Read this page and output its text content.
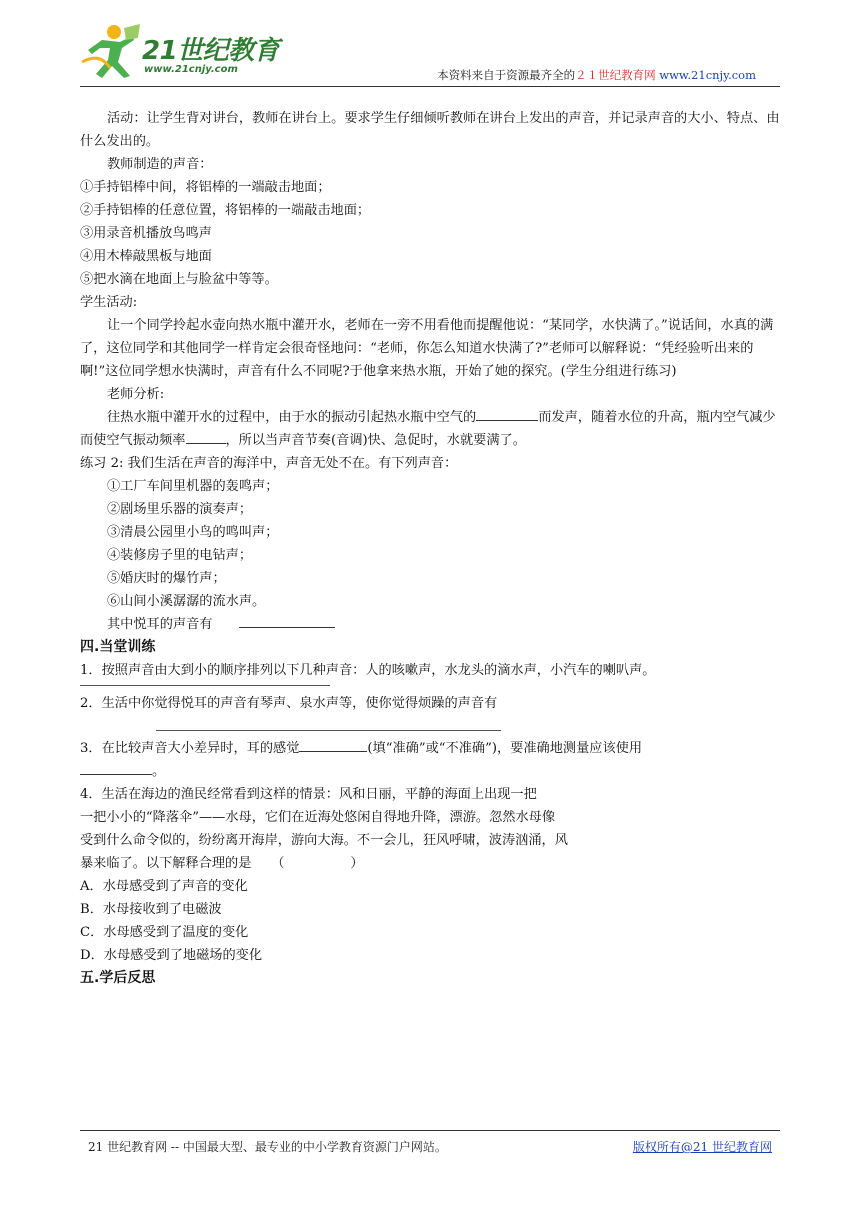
21世纪教育
www.21cnjy.com	本资料来自于资源最齐全的２１世纪教育网 www.21cnjy.com

活动：让学生背对讲台，教师在讲台上。要求学生仔细倾听教师在讲台上发出的声音，并记录声音的大小、特点、由什么发出的。

教师制造的声音：

①手持铝棒中间，将铝棒的一端敲击地面；

②手持铝棒的任意位置，将铝棒的一端敲击地面；

③用录音机播放鸟鸣声

④用木棒敲黑板与地面

⑤把水滴在地面上与脸盆中等等。

学生活动:

让一个同学拎起水壶向热水瓶中灌开水，老师在一旁不用看他而提醒他说：“某同学，水快满了。”说话间，水真的满了，这位同学和其他同学一样肯定会很奇怪地问：“老师，你怎么知道水快满了?”老师可以解释说：“凭经验听出来的啊!”这位同学想水快满时，声音有什么不同呢?于他拿来热水瓶，开始了她的探究。(学生分组进行练习)

老师分析:

往热水瓶中灌开水的过程中，由于水的振动引起热水瓶中空气的	而发声，随着水位的升高，瓶内空气减少而使空气振动频率	，所以当声音节奏(音调)快、急促时，水就要满了。

练习 2: 我们生活在声音的海洋中，声音无处不在。有下列声音：

①工厂车间里机器的轰鸣声；

②剧场里乐器的演奏声；

③清晨公园里小鸟的鸣叫声；

④装修房子里的电钻声；

⑤婚庆时的爆竹声；

⑥山间小溪潺潺的流水声。

其中悦耳的声音有　　

四.当堂训练

1．按照声音由大到小的顺序排列以下几种声音：人的咳嗽声，水龙头的滴水声，小汽车的喇叭声。

2．生活中你觉得悦耳的声音有琴声、泉水声等，使你觉得烦躁的声音有

3．在比较声音大小差异时，耳的感觉	(填“准确”或“不准确”)，要准确地测量应该使用

。

4．生活在海边的渔民经常看到这样的情景：风和日丽，平静的海面上出现一把

一把小小的“降落伞”——水母，它们在近海处悠闲自得地升降，漂游。忽然水母像

受到什么命令似的，纷纷离开海岸，游向大海。不一会儿，狂风呼啸，波涛汹涌，风

暴来临了。以下解释合理的是　　（　　　　　）

A．水母感受到了声音的变化

B．水母接收到了电磁波

C．水母感受到了温度的变化

D．水母感受到了地磁场的变化

五.学后反思

21 世纪教育网 -- 中国最大型、最专业的中小学教育资源门户网站。	版权所有@21 世纪教育网
